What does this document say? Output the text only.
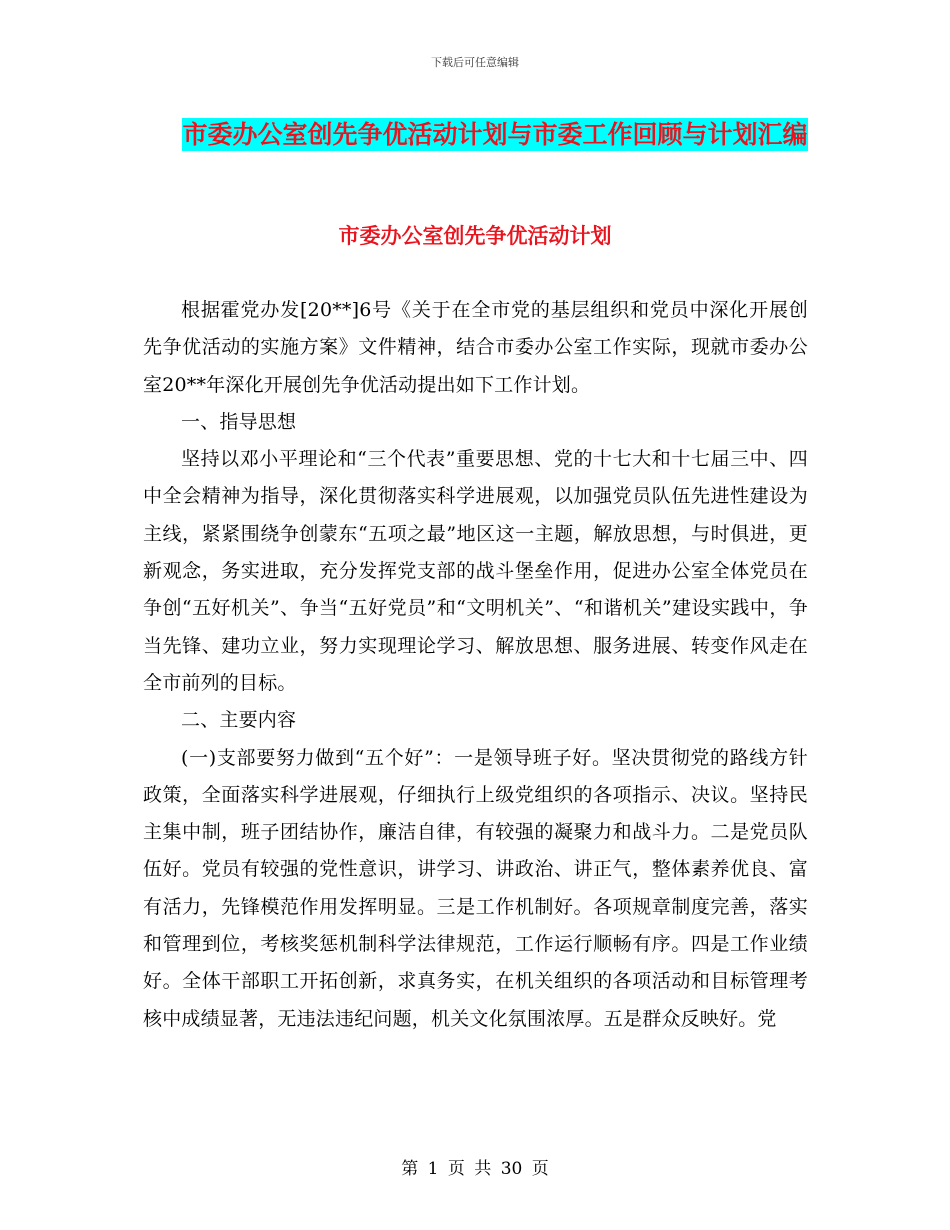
下载后可任意编辑
市委办公室创先争优活动计划与市委工作回顾与计划汇编
市委办公室创先争优活动计划

根据霍党办发[20**]6号《关于在全市党的基层组织和党员中深化开展创先争优活动的实施方案》文件精神，结合市委办公室工作实际，现就市委办公室20**年深化开展创先争优活动提出如下工作计划。

一、指导思想

坚持以邓小平理论和“三个代表”重要思想、党的十七大和十七届三中、四中全会精神为指导，深化贯彻落实科学进展观，以加强党员队伍先进性建设为主线，紧紧围绕争创蒙东“五项之最”地区这一主题，解放思想，与时俱进，更新观念，务实进取，充分发挥党支部的战斗堡垒作用，促进办公室全体党员在争创“五好机关”、争当“五好党员”和“文明机关”、“和谐机关”建设实践中，争当先锋、建功立业，努力实现理论学习、解放思想、服务进展、转变作风走在全市前列的目标。

二、主要内容

(一)支部要努力做到“五个好”：一是领导班子好。坚决贯彻党的路线方针政策，全面落实科学进展观，仔细执行上级党组织的各项指示、决议。坚持民主集中制，班子团结协作，廉洁自律，有较强的凝聚力和战斗力。二是党员队伍好。党员有较强的党性意识，讲学习、讲政治、讲正气，整体素养优良、富有活力，先锋模范作用发挥明显。三是工作机制好。各项规章制度完善，落实和管理到位，考核奖惩机制科学法律规范，工作运行顺畅有序。四是工作业绩好。全体干部职工开拓创新，求真务实，在机关组织的各项活动和目标管理考核中成绩显著，无违法违纪问题，机关文化氛围浓厚。五是群众反映好。党

第 1 页 共 30 页
